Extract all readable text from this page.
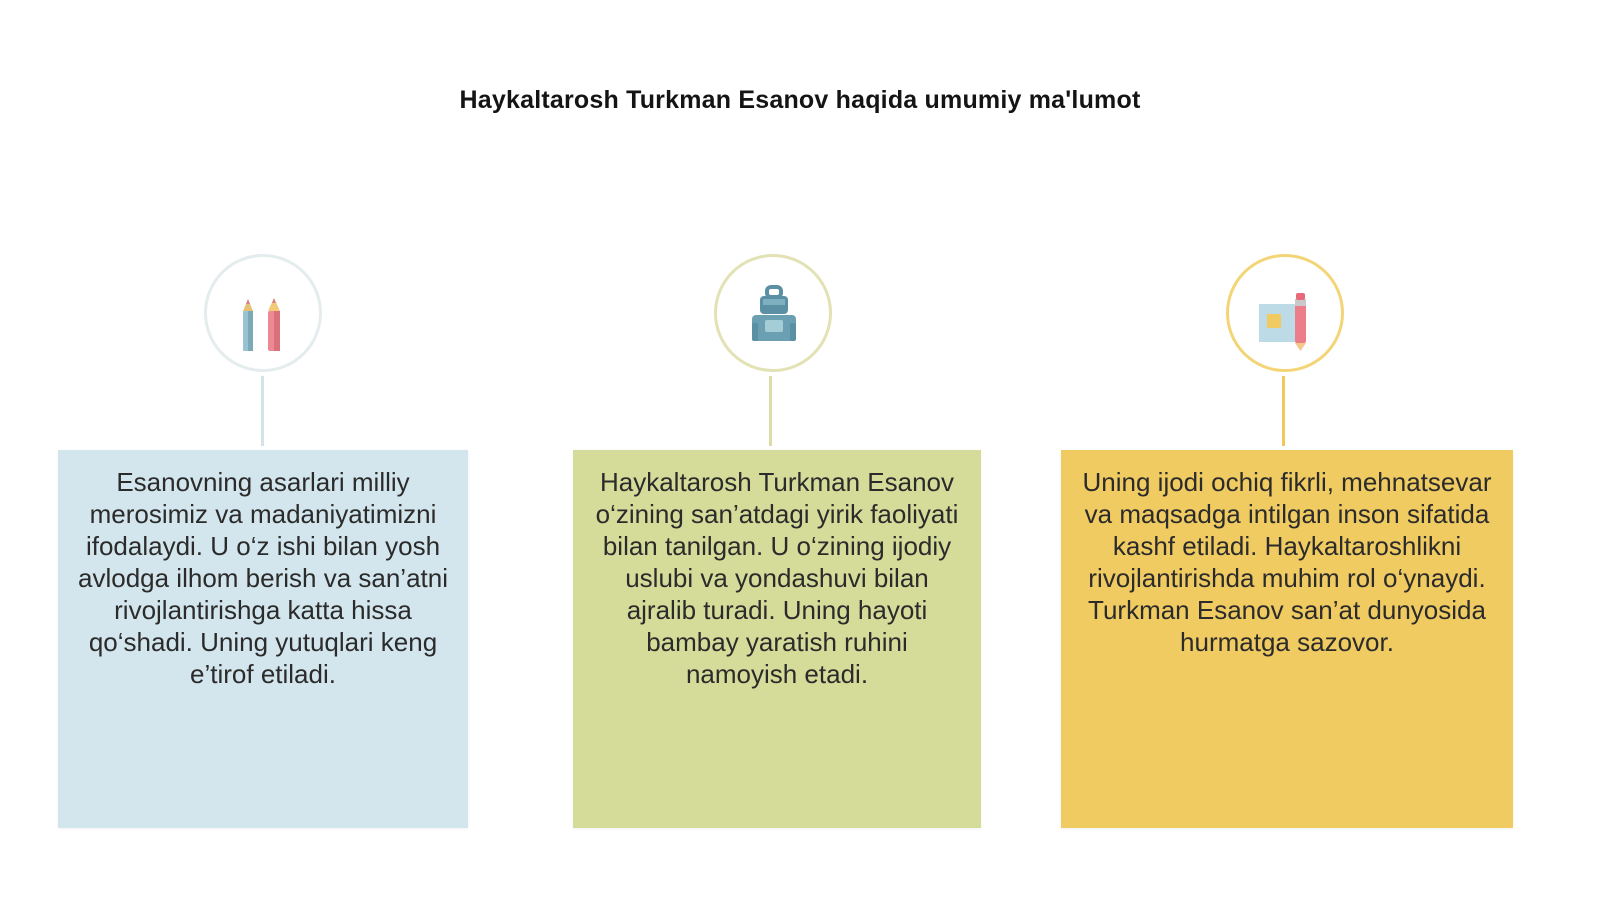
Haykaltarosh Turkman Esanov haqida umumiy ma'lumot
Esanovning asarlari milliy merosimiz va madaniyatimizni ifodalaydi. U o‘z ishi bilan yosh avlodga ilhom berish va san’atni rivojlantirishga katta hissa qo‘shadi. Uning yutuqlari keng e’tirof etiladi.
Haykaltarosh Turkman Esanov o‘zining san’atdagi yirik faoliyati bilan tanilgan. U o‘zining ijodiy uslubi va yondashuvi bilan ajralib turadi. Uning hayoti bambay yaratish ruhini namoyish etadi.
Uning ijodi ochiq fikrli, mehnatsevar va maqsadga intilgan inson sifatida kashf etiladi. Haykaltaroshlikni rivojlantirishda muhim rol o‘ynaydi. Turkman Esanov san’at dunyosida hurmatga sazovor.
